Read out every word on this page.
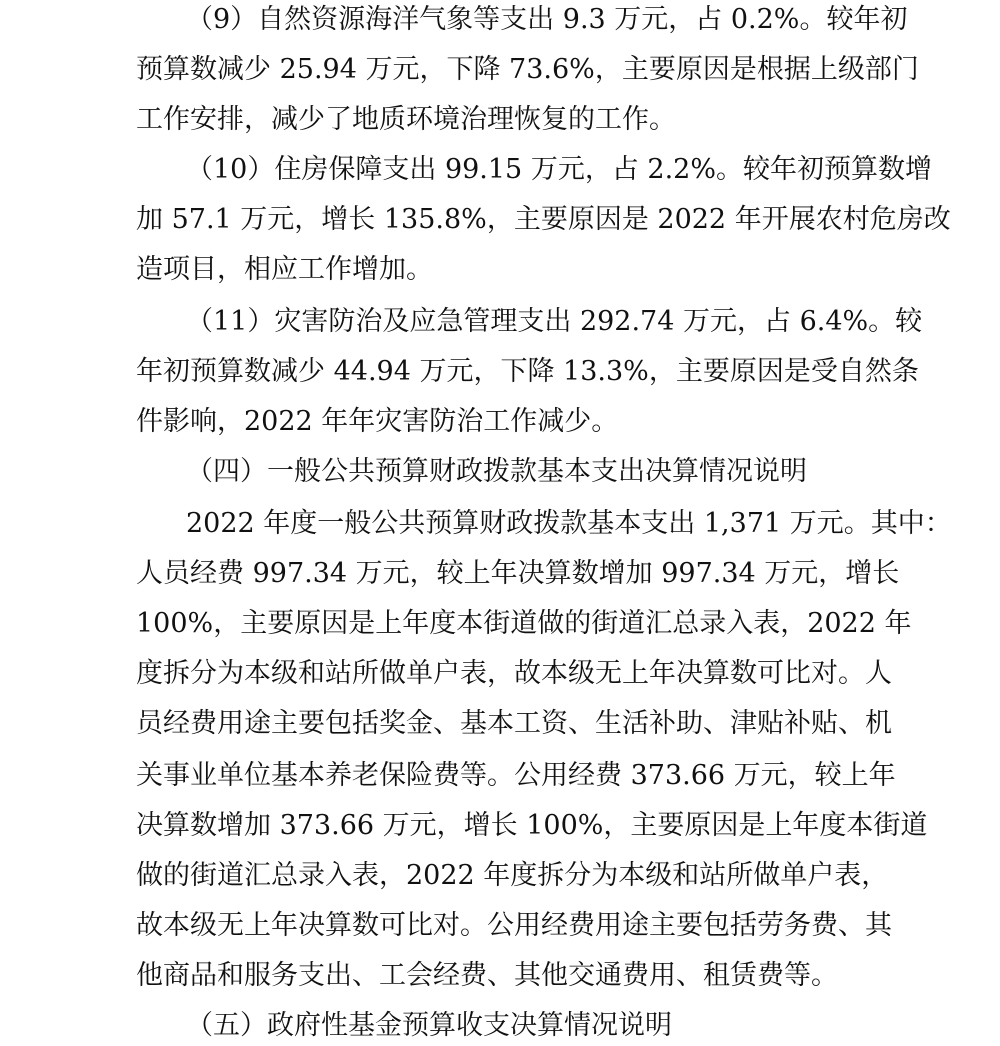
（9）自然资源海洋气象等支出 9.3 万元，占 0.2%。较年初
预算数减少 25.94 万元，下降 73.6%，主要原因是根据上级部门
工作安排，减少了地质环境治理恢复的工作。
（10）住房保障支出 99.15 万元，占 2.2%。较年初预算数增
加 57.1 万元，增长 135.8%，主要原因是 2022 年开展农村危房改
造项目，相应工作增加。
（11）灾害防治及应急管理支出 292.74 万元，占 6.4%。较
年初预算数减少 44.94 万元，下降 13.3%，主要原因是受自然条
件影响，2022 年年灾害防治工作减少。
（四）一般公共预算财政拨款基本支出决算情况说明
2022 年度一般公共预算财政拨款基本支出 1,371 万元。其中：
人员经费 997.34 万元，较上年决算数增加 997.34 万元，增长
100%，主要原因是上年度本街道做的街道汇总录入表，2022 年
度拆分为本级和站所做单户表，故本级无上年决算数可比对。人
员经费用途主要包括奖金、基本工资、生活补助、津贴补贴、机
关事业单位基本养老保险费等。公用经费 373.66 万元，较上年
决算数增加 373.66 万元，增长 100%，主要原因是上年度本街道
做的街道汇总录入表，2022 年度拆分为本级和站所做单户表，
故本级无上年决算数可比对。公用经费用途主要包括劳务费、其
他商品和服务支出、工会经费、其他交通费用、租赁费等。
（五）政府性基金预算收支决算情况说明
